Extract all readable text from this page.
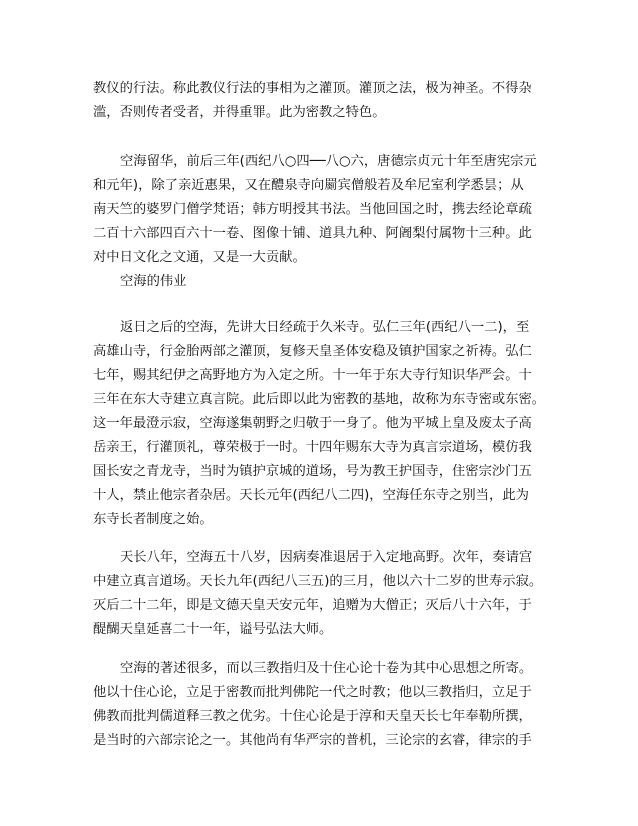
教仪的行法。称此教仪行法的事相为之灌顶。灌顶之法，极为神圣。不得杂
滥，否则传者受者，并得重罪。此为密教之特色。
空海留华，前后三年(西纪八○四──八○六，唐德宗贞元十年至唐宪宗元
和元年)，除了亲近惠果，又在醴泉寺向罽宾僧般若及牟尼室利学悉昙；从
南天竺的婆罗门僧学梵语；韩方明授其书法。当他回国之时，携去经论章疏
二百十六部四百六十一卷、图像十铺、道具九种、阿阇梨付属物十三种。此
对中日文化之文通，又是一大贡献。
空海的伟业
返日之后的空海，先讲大日经疏于久米寺。弘仁三年(西纪八一二)，至
高雄山寺，行金胎两部之灌顶，复修天皇圣体安稳及镇护国家之祈祷。弘仁
七年，赐其纪伊之高野地方为入定之所。十一年于东大寺行知识华严会。十
三年在东大寺建立真言院。此后即以此为密教的基地，故称为东寺密或东密。
这一年最澄示寂，空海遂集朝野之归敬于一身了。他为平城上皇及废太子高
岳亲王，行灌顶礼，尊荣极于一时。十四年赐东大寺为真言宗道场，模仿我
国长安之青龙寺，当时为镇护京城的道场，号为教王护国寺，住密宗沙门五
十人，禁止他宗者杂居。天长元年(西纪八二四)，空海任东寺之别当，此为
东寺长者制度之始。
天长八年，空海五十八岁，因病奏准退居于入定地高野。次年，奏请宫
中建立真言道场。天长九年(西纪八三五)的三月，他以六十二岁的世寿示寂。
灭后二十二年，即是文德天皇天安元年，追赠为大僧正；灭后八十六年，于
醍醐天皇延喜二十一年，谥号弘法大师。
空海的著述很多，而以三教指归及十住心论十卷为其中心思想之所寄。
他以十住心论，立足于密教而批判佛陀一代之时教；他以三教指归，立足于
佛教而批判儒道释三教之优劣。十住心论是于淳和天皇天长七年奉勒所撰，
是当时的六部宗论之一。其他尚有华严宗的普机，三论宗的玄睿，律宗的手
